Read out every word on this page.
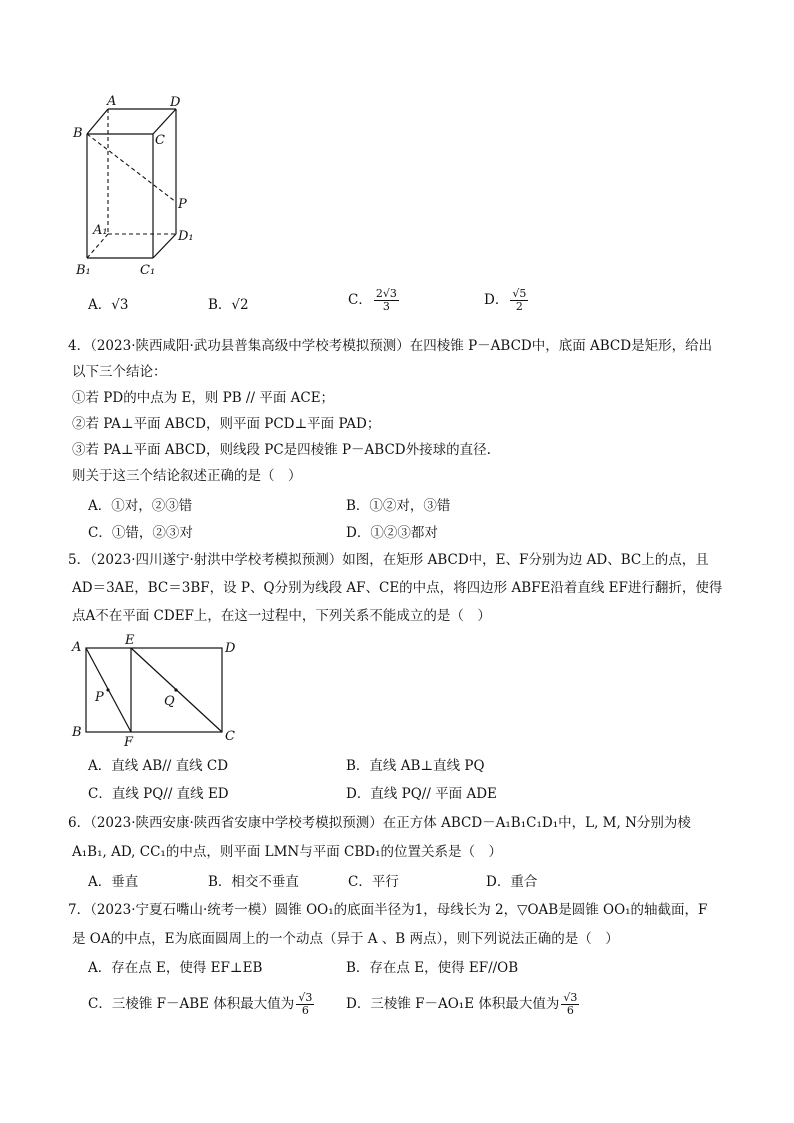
A	D
B	C
P
A₁	D₁
B₁	C₁
A．√3	B．√2	C． $\frac{2√3}{3}$	D． $\frac{√5}{2}$
4．（2023·陕西咸阳·武功县普集高级中学校考模拟预测）在四棱锥 P－ABCD中，底面 ABCD是矩形，给出
以下三个结论：
①若 PD的中点为 E，则 PB // 平面 ACE；
②若 PA⊥平面 ABCD，则平面 PCD⊥平面 PAD；
③若 PA⊥平面 ABCD，则线段 PC是四棱锥 P－ABCD外接球的直径.
则关于这三个结论叙述正确的是（　）
A．①对，②③错	B．①②对，③错
C．①错，②③对	D．①②③都对
5．（2023·四川遂宁·射洪中学校考模拟预测）如图，在矩形 ABCD中，E、F分别为边 AD、BC上的点，且
AD＝3AE，BC＝3BF，设 P、Q分别为线段 AF、CE的中点，将四边形 ABFE沿着直线 EF进行翻折，使得
点A不在平面 CDEF上，在这一过程中，下列关系不能成立的是（　）
A	E
D
P	Q
B
F	C
A．直线 AB// 直线 CD	B．直线 AB⊥直线 PQ
C．直线 PQ// 直线 ED	D．直线 PQ// 平面 ADE
6．（2023·陕西安康·陕西省安康中学校考模拟预测）在正方体 ABCD－A₁B₁C₁D₁中，L, M, N分别为棱
A₁B₁, AD, CC₁的中点，则平面 LMN与平面 CBD₁的位置关系是（　）
A．垂直	B．相交不垂直	C．平行	D．重合
7．（2023·宁夏石嘴山·统考一模）圆锥 OO₁的底面半径为1，母线长为 2，▽OAB是圆锥 OO₁的轴截面，F
是 OA的中点，E为底面圆周上的一个动点（异于 A 、B 两点），则下列说法正确的是（　）
A．存在点 E，使得 EF⊥EB	B．存在点 E，使得 EF//OB
C．三棱锥 F－ABE 体积最大值为 $\frac{√3}{6}$ D．三棱锥 F－AO₁E 体积最大值为 $\frac{√3}{6}$
